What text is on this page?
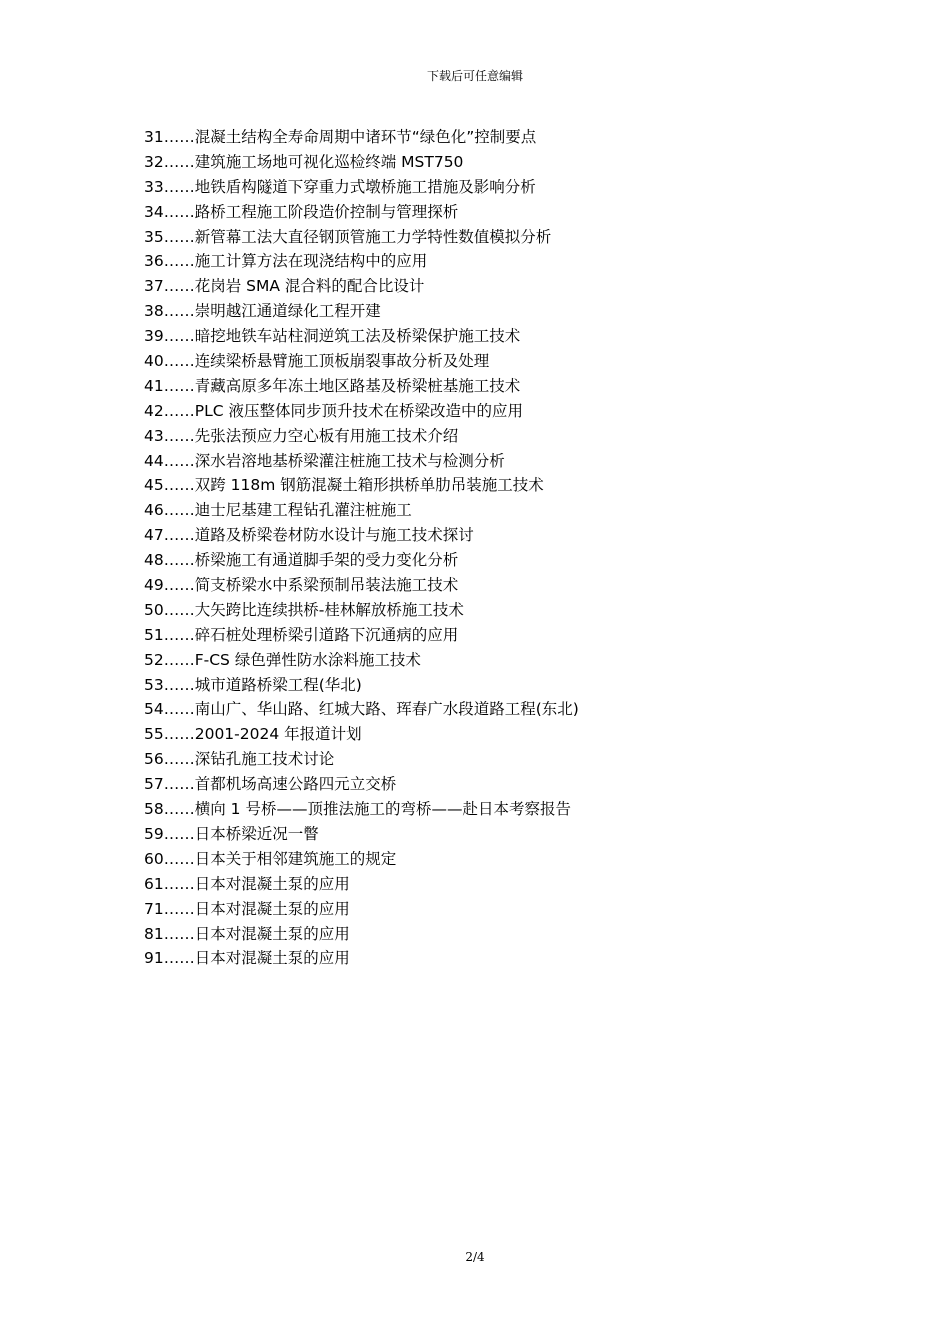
下载后可任意编辑
31……混凝土结构全寿命周期中诸环节“绿色化”控制要点
32……建筑施工场地可视化巡检终端 MST750
33……地铁盾构隧道下穿重力式墩桥施工措施及影响分析
34……路桥工程施工阶段造价控制与管理探析
35……新管幕工法大直径钢顶管施工力学特性数值模拟分析
36……施工计算方法在现浇结构中的应用
37……花岗岩 SMA 混合料的配合比设计
38……崇明越江通道绿化工程开建
39……暗挖地铁车站柱洞逆筑工法及桥梁保护施工技术
40……连续梁桥悬臂施工顶板崩裂事故分析及处理
41……青藏高原多年冻土地区路基及桥梁桩基施工技术
42……PLC 液压整体同步顶升技术在桥梁改造中的应用
43……先张法预应力空心板有用施工技术介绍
44……深水岩溶地基桥梁灌注桩施工技术与检测分析
45……双跨 118m 钢筋混凝土箱形拱桥单肋吊装施工技术
46……迪士尼基建工程钻孔灌注桩施工
47……道路及桥梁卷材防水设计与施工技术探讨
48……桥梁施工有通道脚手架的受力变化分析
49……简支桥梁水中系梁预制吊装法施工技术
50……大矢跨比连续拱桥-桂林解放桥施工技术
51……碎石桩处理桥梁引道路下沉通病的应用
52……F-CS 绿色弹性防水涂料施工技术
53……城市道路桥梁工程(华北)
54……南山广、华山路、红城大路、珲春广水段道路工程(东北)
55……2001-2024 年报道计划
56……深钻孔施工技术讨论
57……首都机场高速公路四元立交桥
58……横向 1 号桥——顶推法施工的弯桥——赴日本考察报告
59……日本桥梁近况一瞥
60……日本关于相邻建筑施工的规定
61……日本对混凝土泵的应用
71……日本对混凝土泵的应用
81……日本对混凝土泵的应用
91……日本对混凝土泵的应用
2/4
